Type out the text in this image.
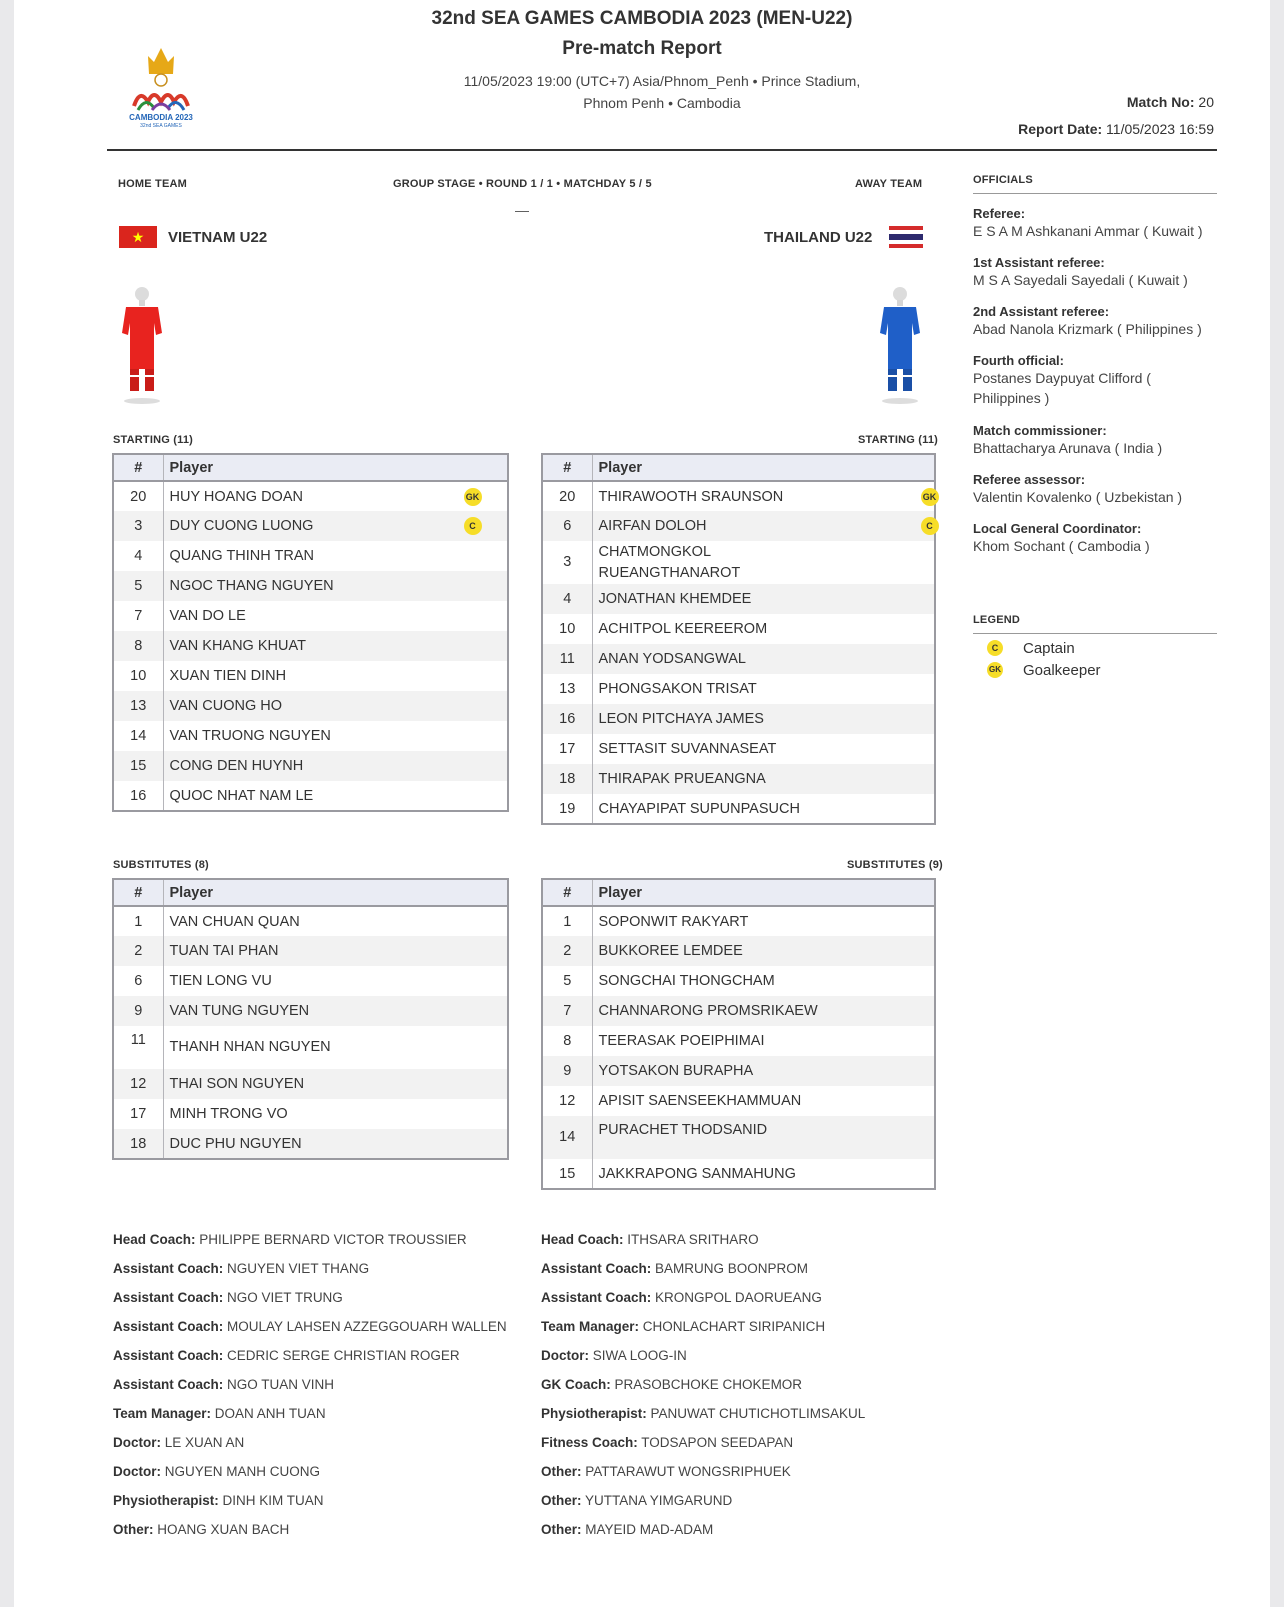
CAMBODIA 2023
32nd SEA GAMES
32nd SEA GAMES CAMBODIA 2023 (MEN-U22)
Pre-match Report
11/05/2023 19:00 (UTC+7) Asia/Phnom_Penh • Prince Stadium,
Phnom Penh • Cambodia	Match No: 20
Report Date: 11/05/2023 16:59
HOME TEAM	GROUP STAGE • ROUND 1 / 1 • MATCHDAY 5 / 5	AWAY TEAM
—
★	VIETNAM U22	THAILAND U22
STARTING (11)	STARTING (11)
#	Player
20	HUY HOANG DOAN GK

3	DUY CUONG LUONG C

4	QUANG THINH TRAN
5	NGOC THANG NGUYEN
7	VAN DO LE
8	VAN KHANG KHUAT
10	XUAN TIEN DINH
13	VAN CUONG HO
14	VAN TRUONG NGUYEN
15	CONG DEN HUYNH
16	QUOC NHAT NAM LE
#	Player
20	THIRAWOOTH SRAUNSON GK

6	AIRFAN DOLOH C

3	CHATMONGKOL
RUEANGTHANAROT

4	JONATHAN KHEMDEE
10	ACHITPOL KEEREEROM
11	ANAN YODSANGWAL
13	PHONGSAKON TRISAT
16	LEON PITCHAYA JAMES
17	SETTASIT SUVANNASEAT
18	THIRAPAK PRUEANGNA
19	CHAYAPIPAT SUPUNPASUCH
SUBSTITUTES (8)	SUBSTITUTES (9)
#	Player
1	VAN CHUAN QUAN
2	TUAN TAI PHAN
6	TIEN LONG VU
9	VAN TUNG NGUYEN
11	THANH NHAN NGUYEN
12	THAI SON NGUYEN
17	MINH TRONG VO
18	DUC PHU NGUYEN
#	Player
1	SOPONWIT RAKYART
2	BUKKOREE LEMDEE
5	SONGCHAI THONGCHAM
7	CHANNARONG PROMSRIKAEW
8	TEERASAK POEIPHIMAI
9	YOTSAKON BURAPHA
12	APISIT SAENSEEKHAMMUAN
14	PURACHET THODSANID
15	JAKKRAPONG SANMAHUNG
OFFICIALS
Referee:
E S A M Ashkanani Ammar ( Kuwait )
1st Assistant referee:
M S A Sayedali Sayedali ( Kuwait )
2nd Assistant referee:
Abad Nanola Krizmark ( Philippines )
Fourth official:
Postanes Daypuyat Clifford (
Philippines )
Match commissioner:
Bhattacharya Arunava ( India )
Referee assessor:
Valentin Kovalenko ( Uzbekistan )
Local General Coordinator:
Khom Sochant ( Cambodia )
LEGEND
C	Captain
GK Goalkeeper
Head Coach: PHILIPPE BERNARD VICTOR TROUSSIER
Assistant Coach: NGUYEN VIET THANG
Assistant Coach: NGO VIET TRUNG
Assistant Coach: MOULAY LAHSEN AZZEGGOUARH WALLEN
Assistant Coach: CEDRIC SERGE CHRISTIAN ROGER
Assistant Coach: NGO TUAN VINH
Team Manager: DOAN ANH TUAN
Doctor: LE XUAN AN
Doctor: NGUYEN MANH CUONG
Physiotherapist: DINH KIM TUAN
Other: HOANG XUAN BACH
Head Coach: ITHSARA SRITHARO
Assistant Coach: BAMRUNG BOONPROM
Assistant Coach: KRONGPOL DAORUEANG
Team Manager: CHONLACHART SIRIPANICH
Doctor: SIWA LOOG-IN
GK Coach: PRASOBCHOKE CHOKEMOR
Physiotherapist: PANUWAT CHUTICHOTLIMSAKUL
Fitness Coach: TODSAPON SEEDAPAN
Other: PATTARAWUT WONGSRIPHUEK
Other: YUTTANA YIMGARUND
Other: MAYEID MAD-ADAM
